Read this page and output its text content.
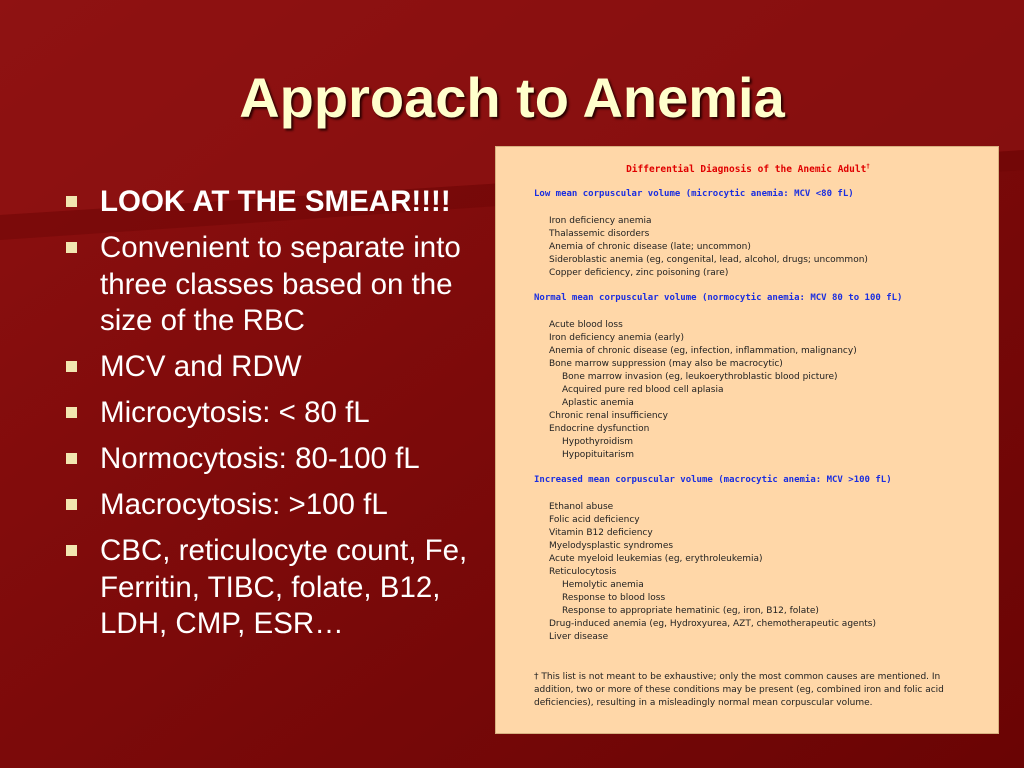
Approach to Anemia
LOOK AT THE SMEAR!!!!
Convenient to separate into three classes based on the size of the RBC
MCV and RDW
Microcytosis: < 80 fL
Normocytosis: 80-100 fL
Macrocytosis: >100 fL
CBC, reticulocyte count, Fe, Ferritin, TIBC, folate, B12, LDH, CMP, ESR…
Differential Diagnosis of the Anemic Adult†
Low mean corpuscular volume (microcytic anemia: MCV <80 fL)
Iron deficiency anemia
Thalassemic disorders
Anemia of chronic disease (late; uncommon)
Sideroblastic anemia (eg, congenital, lead, alcohol, drugs; uncommon)
Copper deficiency, zinc poisoning (rare)
Normal mean corpuscular volume (normocytic anemia: MCV 80 to 100 fL)
Acute blood loss
Iron deficiency anemia (early)
Anemia of chronic disease (eg, infection, inflammation, malignancy)
Bone marrow suppression (may also be macrocytic)
Bone marrow invasion (eg, leukoerythroblastic blood picture)
Acquired pure red blood cell aplasia
Aplastic anemia
Chronic renal insufficiency
Endocrine dysfunction
Hypothyroidism
Hypopituitarism
Increased mean corpuscular volume (macrocytic anemia: MCV >100 fL)
Ethanol abuse
Folic acid deficiency
Vitamin B12 deficiency
Myelodysplastic syndromes
Acute myeloid leukemias (eg, erythroleukemia)
Reticulocytosis
Hemolytic anemia
Response to blood loss
Response to appropriate hematinic (eg, iron, B12, folate)
Drug-induced anemia (eg, Hydroxyurea, AZT, chemotherapeutic agents)
Liver disease
† This list is not meant to be exhaustive; only the most common causes are mentioned. In addition, two or more of these conditions may be present (eg, combined iron and folic acid deficiencies), resulting in a misleadingly normal mean corpuscular volume.
